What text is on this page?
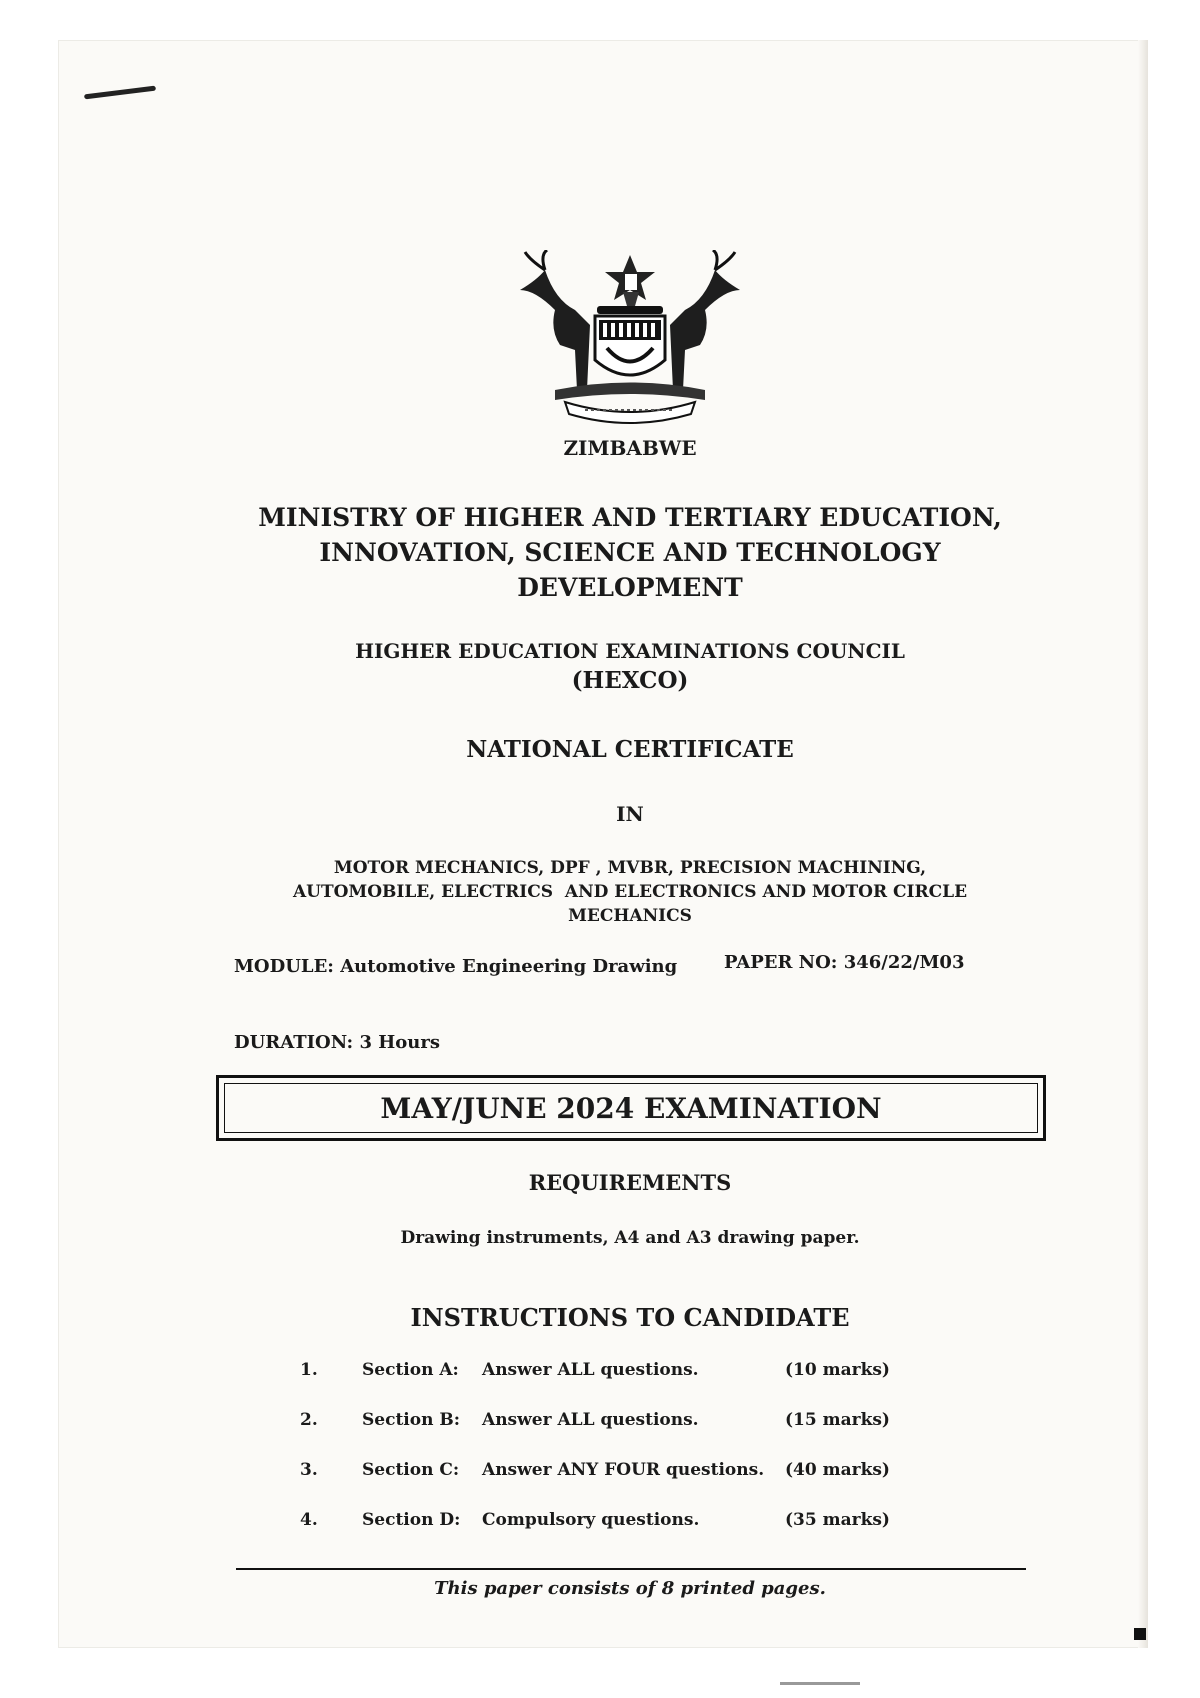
ZIMBABWE
MINISTRY OF HIGHER AND TERTIARY EDUCATION,
INNOVATION, SCIENCE AND TECHNOLOGY
DEVELOPMENT
HIGHER EDUCATION EXAMINATIONS COUNCIL
(HEXCO)
NATIONAL CERTIFICATE
IN
MOTOR MECHANICS, DPF , MVBR, PRECISION MACHINING,
AUTOMOBILE, ELECTRICS  AND ELECTRONICS AND MOTOR CIRCLE
MECHANICS
MODULE: Automotive Engineering Drawing	PAPER NO: 346/22/M03
DURATION: 3 Hours
MAY/JUNE 2024 EXAMINATION
REQUIREMENTS
Drawing instruments, A4 and A3 drawing paper.
INSTRUCTIONS TO CANDIDATE
1.	Section A:	Answer ALL questions.	(10 marks)
2.	Section B:	Answer ALL questions.	(15 marks)
3.	Section C:	Answer ANY FOUR questions.	(40 marks)
4.	Section D:	Compulsory questions.	(35 marks)
This paper consists of 8 printed pages.
